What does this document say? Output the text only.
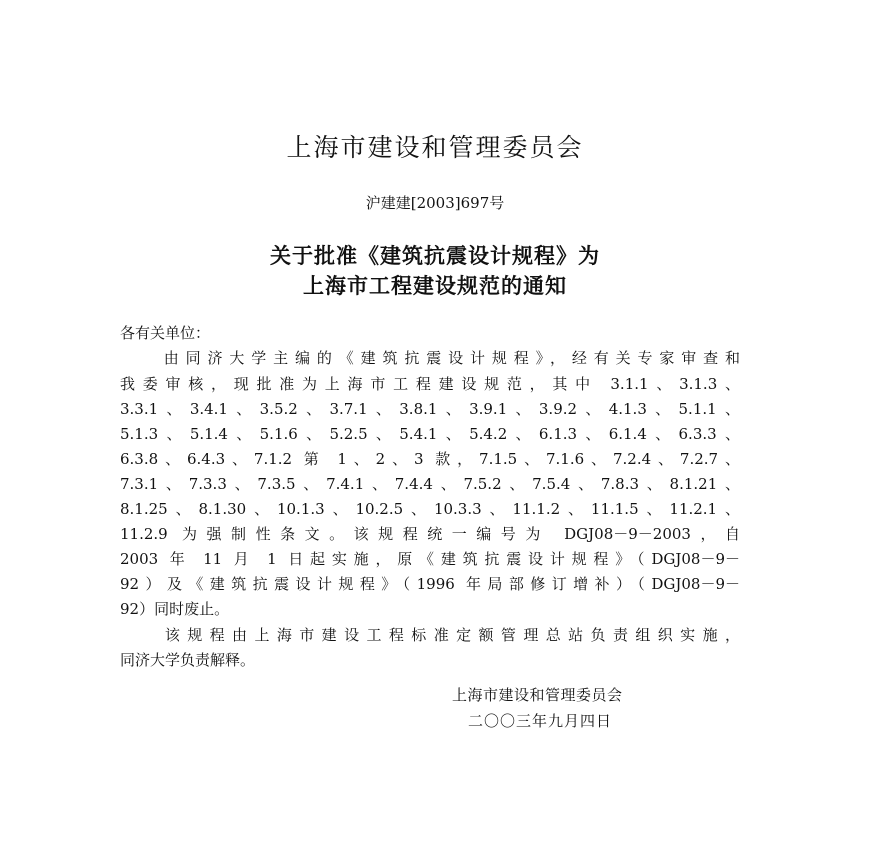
上海市建设和管理委员会
沪建建[2003]697号
关于批准《建筑抗震设计规程》为
上海市工程建设规范的通知
各有关单位：
　　由同济大学主编的《建筑抗震设计规程》，经有关专家审查和
我委审核，现批准为上海市工程建设规范，其中 3.1.1、3.1.3、
3.3.1、3.4.1、3.5.2、3.7.1、3.8.1、3.9.1、3.9.2、4.1.3、5.1.1、
5.1.3、5.1.4、5.1.6、5.2.5、5.4.1、5.4.2、6.1.3、6.1.4、6.3.3、
6.3.8、6.4.3、7.1.2 第 1、2、3 款，7.1.5、7.1.6、7.2.4、7.2.7、
7.3.1、7.3.3、7.3.5、7.4.1、7.4.4、7.5.2、7.5.4、7.8.3、8.1.21、
8.1.25、8.1.30、10.1.3、10.2.5、10.3.3、11.1.2、11.1.5、11.2.1、
11.2.9 为强制性条文。该规程统一编号为 DGJ08－9－2003，自
2003 年 11 月 1 日起实施，原《建筑抗震设计规程》（DGJ08－9－
92）及《建筑抗震设计规程》（1996 年局部修订增补）（DGJ08－9－
92）同时废止。
　　该规程由上海市建设工程标准定额管理总站负责组织实施，
同济大学负责解释。
上海市建设和管理委员会
二〇〇三年九月四日
